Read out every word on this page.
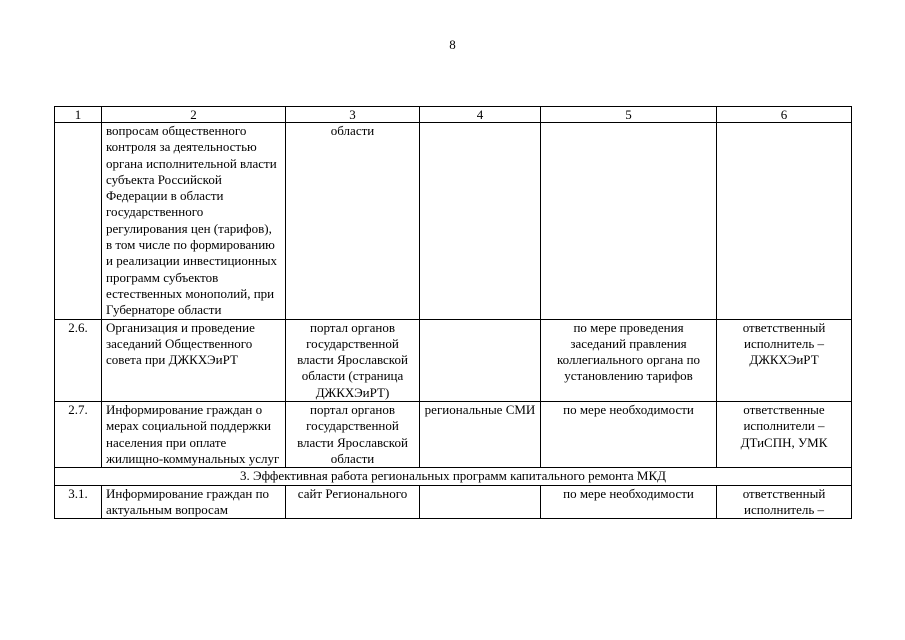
8
1	2	3	4	5	6
	вопросам общественного контроля за деятельностью органа исполнительной власти субъекта Российской Федерации в области государственного регулирования цен (тарифов), в том числе по формированию и реализации инвестиционных программ субъектов естественных монополий, при Губернаторе области	области			
2.6.	Организация и проведение заседаний Общественного совета при ДЖКХЭиРТ	портал органов государственной власти Ярославской области (страница ДЖКХЭиРТ)		по мере проведения заседаний правления коллегиального органа по установлению тарифов	ответственный исполнитель – ДЖКХЭиРТ
2.7.	Информирование граждан о мерах социальной поддержки населения при оплате жилищно-коммунальных услуг	портал органов государственной власти Ярославской области	региональные СМИ	по мере необходимости	ответственные исполнители – ДТиСПН, УМК
3. Эффективная работа региональных программ капитального ремонта МКД					
3.1.	Информирование граждан по актуальным вопросам	сайт Регионального		по мере необходимости	ответственный исполнитель –
